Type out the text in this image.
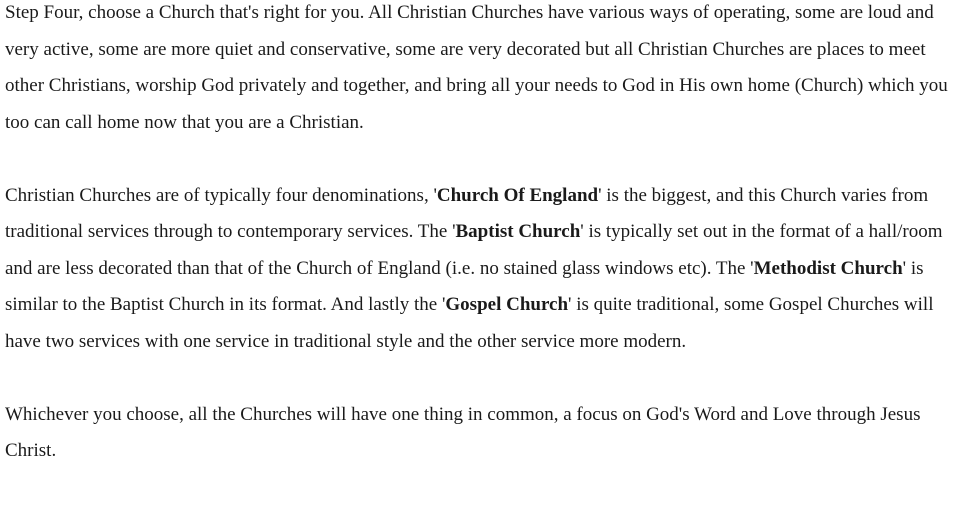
Step Four, choose a Church that's right for you. All Christian Churches have various ways of operating, some are loud and very active, some are more quiet and conservative, some are very decorated but all Christian Churches are places to meet other Christians, worship God privately and together, and bring all your needs to God in His own home (Church) which you too can call home now that you are a Christian.

Christian Churches are of typically four denominations, 'Church Of England' is the biggest, and this Church varies from traditional services through to contemporary services. The 'Baptist Church' is typically set out in the format of a hall/room and are less decorated than that of the Church of England (i.e. no stained glass windows etc). The 'Methodist Church' is similar to the Baptist Church in its format. And lastly the 'Gospel Church' is quite traditional, some Gospel Churches will have two services with one service in traditional style and the other service more modern.

Whichever you choose, all the Churches will have one thing in common, a focus on God's Word and Love through Jesus Christ.
